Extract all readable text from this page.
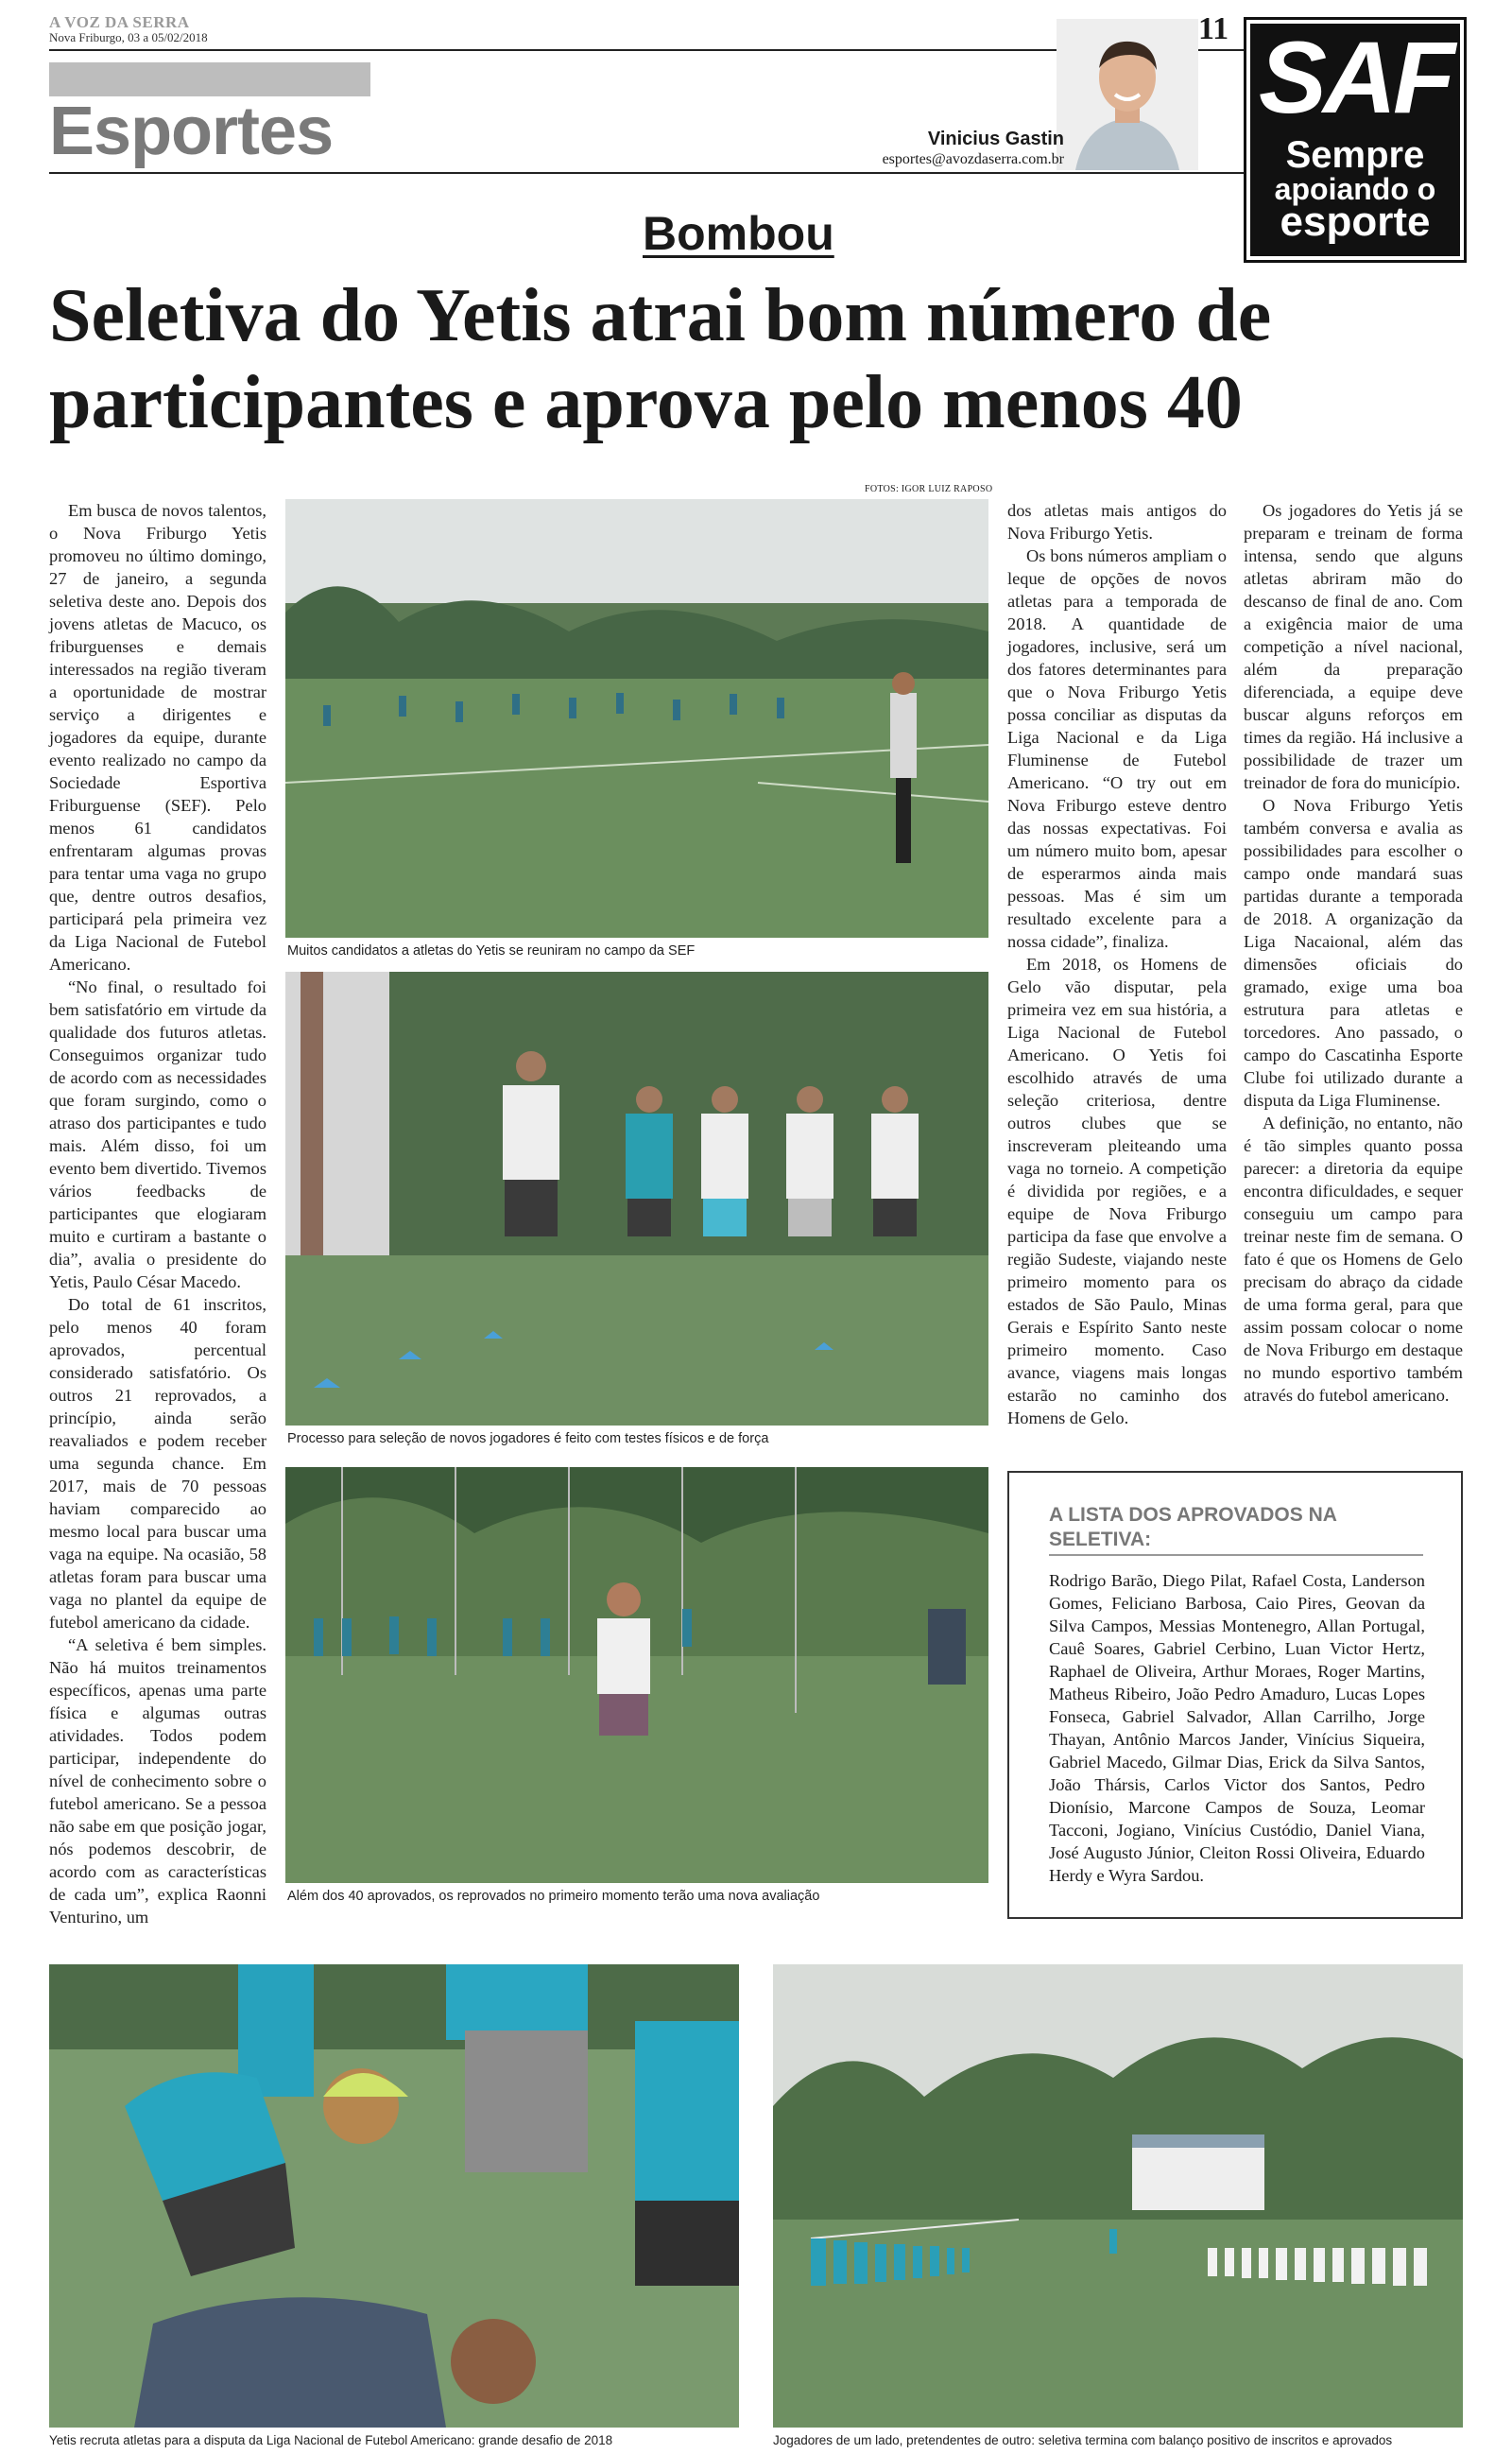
A VOZ DA SERRA
Nova Friburgo, 03 a 05/02/2018	11
Esportes	Vinicius Gastin
esportes@avozdaserra.com.br
SAF
Sempre
apoiando o
esporte
Bombou
Seletiva do Yetis atrai bom número de participantes e aprova pelo menos 40
FOTOS: IGOR LUIZ RAPOSO

Em busca de novos talentos, o Nova Friburgo Yetis promoveu no último domingo, 27 de janeiro, a segunda seletiva deste ano. Depois dos jovens atletas de Macuco, os friburguenses e demais interessados na região tiveram a oportunidade de mostrar serviço a dirigentes e jogadores da equipe, durante evento realizado no campo da Sociedade Esportiva Friburguense (SEF). Pelo menos 61 candidatos enfrentaram algumas provas para tentar uma vaga no grupo que, dentre outros desafios, participará pela primeira vez da Liga Nacional de Futebol Americano.

“No final, o resultado foi bem satisfatório em virtude da qualidade dos futuros atletas. Conseguimos organizar tudo de acordo com as necessidades que foram surgindo, como o atraso dos participantes e tudo mais. Além disso, foi um evento bem divertido. Tivemos vários feedbacks de participantes que elogiaram muito e curtiram a bastante o dia”, avalia o presidente do Yetis, Paulo César Macedo.

Do total de 61 inscritos, pelo menos 40 foram aprovados, percentual considerado satisfatório. Os outros 21 reprovados, a princípio, ainda serão reavaliados e podem receber uma segunda chance. Em 2017, mais de 70 pessoas haviam comparecido ao mesmo local para buscar uma vaga na equipe. Na ocasião, 58 atletas foram para buscar uma vaga no plantel da equipe de futebol americano da cidade.

“A seletiva é bem simples. Não há muitos treinamentos específicos, apenas uma parte física e algumas outras atividades. Todos podem participar, independente do nível de conhecimento sobre o futebol americano. Se a pessoa não sabe em que posição jogar, nós podemos descobrir, de acordo com as características de cada um”, explica Raonni Venturino, um

Muitos candidatos a atletas do Yetis se reuniram no campo da SEF
Processo para seleção de novos jogadores é feito com testes físicos e de força
Além dos 40 aprovados, os reprovados no primeiro momento terão uma nova avaliação

dos atletas mais antigos do Nova Friburgo Yetis.

Os bons números ampliam o leque de opções de novos atletas para a temporada de 2018. A quantidade de jogadores, inclusive, será um dos fatores determinantes para que o Nova Friburgo Yetis possa conciliar as disputas da Liga Nacional e da Liga Fluminense de Futebol Americano. “O try out em Nova Friburgo esteve dentro das nossas expectativas. Foi um número muito bom, apesar de esperarmos ainda mais pessoas. Mas é sim um resultado excelente para a nossa cidade”, finaliza.

Em 2018, os Homens de Gelo vão disputar, pela primeira vez em sua história, a Liga Nacional de Futebol Americano. O Yetis foi escolhido através de uma seleção criteriosa, dentre outros clubes que se inscreveram pleiteando uma vaga no torneio. A competição é dividida por regiões, e a equipe de Nova Friburgo participa da fase que envolve a região Sudeste, viajando neste primeiro momento para os estados de São Paulo, Minas Gerais e Espírito Santo neste primeiro momento. Caso avance, viagens mais longas estarão no caminho dos Homens de Gelo.

Os jogadores do Yetis já se preparam e treinam de forma intensa, sendo que alguns atletas abriram mão do descanso de final de ano. Com a exigência maior de uma competição a nível nacional, além da preparação diferenciada, a equipe deve buscar alguns reforços em times da região. Há inclusive a possibilidade de trazer um treinador de fora do município.

O Nova Friburgo Yetis também conversa e avalia as possibilidades para escolher o campo onde mandará suas partidas durante a temporada de 2018. A organização da Liga Nacaional, além das dimensões oficiais do gramado, exige uma boa estrutura para atletas e torcedores. Ano passado, o campo do Cascatinha Esporte Clube foi utilizado durante a disputa da Liga Fluminense.

A definição, no entanto, não é tão simples quanto possa parecer: a diretoria da equipe encontra dificuldades, e sequer conseguiu um campo para treinar neste fim de semana. O fato é que os Homens de Gelo precisam do abraço da cidade de uma forma geral, para que assim possam colocar o nome de Nova Friburgo em destaque no mundo esportivo também através do futebol americano.

A LISTA DOS APROVADOS NA SELETIVA:
Rodrigo Barão, Diego Pilat, Rafael Costa, Landerson Gomes, Feliciano Barbosa, Caio Pires, Geovan da Silva Campos, Messias Montenegro, Allan Portugal, Cauê Soares, Gabriel Cerbino, Luan Victor Hertz, Raphael de Oliveira, Arthur Moraes, Roger Martins, Matheus Ribeiro, João Pedro Amaduro, Lucas Lopes Fonseca, Gabriel Salvador, Allan Carrilho, Jorge Thayan, Antônio Marcos Jander, Vinícius Siqueira, Gabriel Macedo, Gilmar Dias, Erick da Silva Santos, João Thársis, Carlos Victor dos Santos, Pedro Dionísio, Marcone Campos de Souza, Leomar Tacconi, Jogiano, Vinícius Custódio, Daniel Viana, José Augusto Júnior, Cleiton Rossi Oliveira, Eduardo Herdy e Wyra Sardou.
Yetis recruta atletas para a disputa da Liga Nacional de Futebol Americano: grande desafio de 2018	Jogadores de um lado, pretendentes de outro: seletiva termina com balanço positivo de inscritos e aprovados
